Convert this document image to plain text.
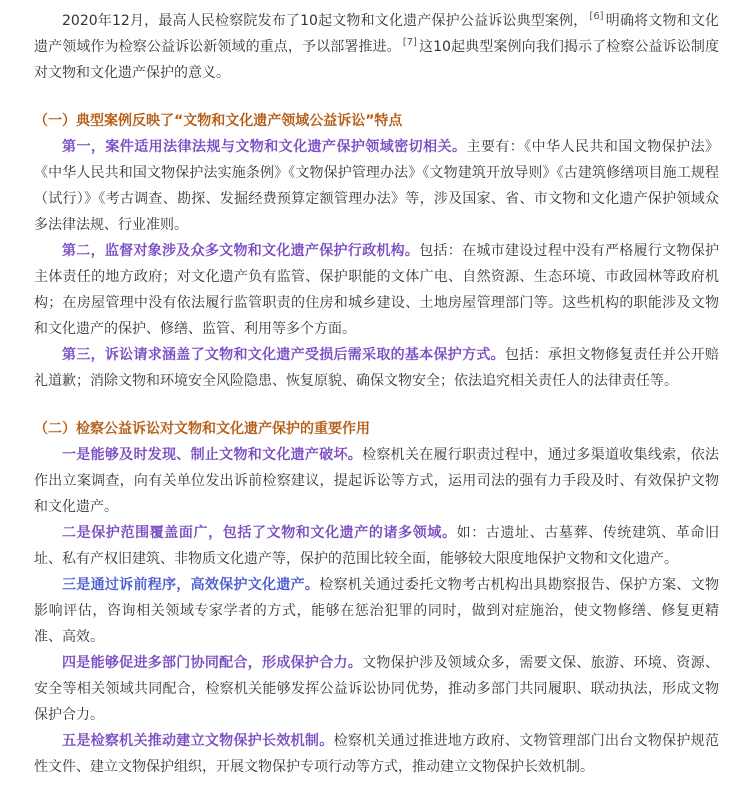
2020年12月，最高人民检察院发布了10起文物和文化遗产保护公益诉讼典型案例， [6] 明确将文物和文化遗产领域作为检察公益诉讼新领域的重点，予以部署推进。 [7] 这10起典型案例向我们揭示了检察公益诉讼制度对文物和文化遗产保护的意义。

（一）典型案例反映了“文物和文化遗产领域公益诉讼”特点

第一，案件适用法律法规与文物和文化遗产保护领域密切相关。主要有：《中华人民共和国文物保护法》《中华人民共和国文物保护法实施条例》《文物保护管理办法》《文物建筑开放导则》《古建筑修缮项目施工规程（试行）》《考古调查、勘探、发掘经费预算定额管理办法》等，涉及国家、省、市文物和文化遗产保护领域众多法律法规、行业准则。

第二，监督对象涉及众多文物和文化遗产保护行政机构。包括：在城市建设过程中没有严格履行文物保护主体责任的地方政府；对文化遗产负有监管、保护职能的文体广电、自然资源、生态环境、市政园林等政府机构；在房屋管理中没有依法履行监管职责的住房和城乡建设、土地房屋管理部门等。这些机构的职能涉及文物和文化遗产的保护、修缮、监管、利用等多个方面。

第三，诉讼请求涵盖了文物和文化遗产受损后需采取的基本保护方式。包括：承担文物修复责任并公开赔礼道歉；消除文物和环境安全风险隐患、恢复原貌、确保文物安全；依法追究相关责任人的法律责任等。

（二）检察公益诉讼对文物和文化遗产保护的重要作用

一是能够及时发现、制止文物和文化遗产破坏。检察机关在履行职责过程中，通过多渠道收集线索，依法作出立案调查，向有关单位发出诉前检察建议，提起诉讼等方式，运用司法的强有力手段及时、有效保护文物和文化遗产。

二是保护范围覆盖面广，包括了文物和文化遗产的诸多领域。如：古遗址、古墓葬、传统建筑、革命旧址、私有产权旧建筑、非物质文化遗产等，保护的范围比较全面，能够较大限度地保护文物和文化遗产。

三是通过诉前程序，高效保护文化遗产。检察机关通过委托文物考古机构出具勘察报告、保护方案、文物影响评估，咨询相关领域专家学者的方式，能够在惩治犯罪的同时，做到对症施治，使文物修缮、修复更精准、高效。

四是能够促进多部门协同配合，形成保护合力。文物保护涉及领域众多，需要文保、旅游、环境、资源、安全等相关领域共同配合，检察机关能够发挥公益诉讼协同优势，推动多部门共同履职、联动执法，形成文物保护合力。

五是检察机关推动建立文物保护长效机制。检察机关通过推进地方政府、文物管理部门出台文物保护规范性文件、建立文物保护组织，开展文物保护专项行动等方式，推动建立文物保护长效机制。
